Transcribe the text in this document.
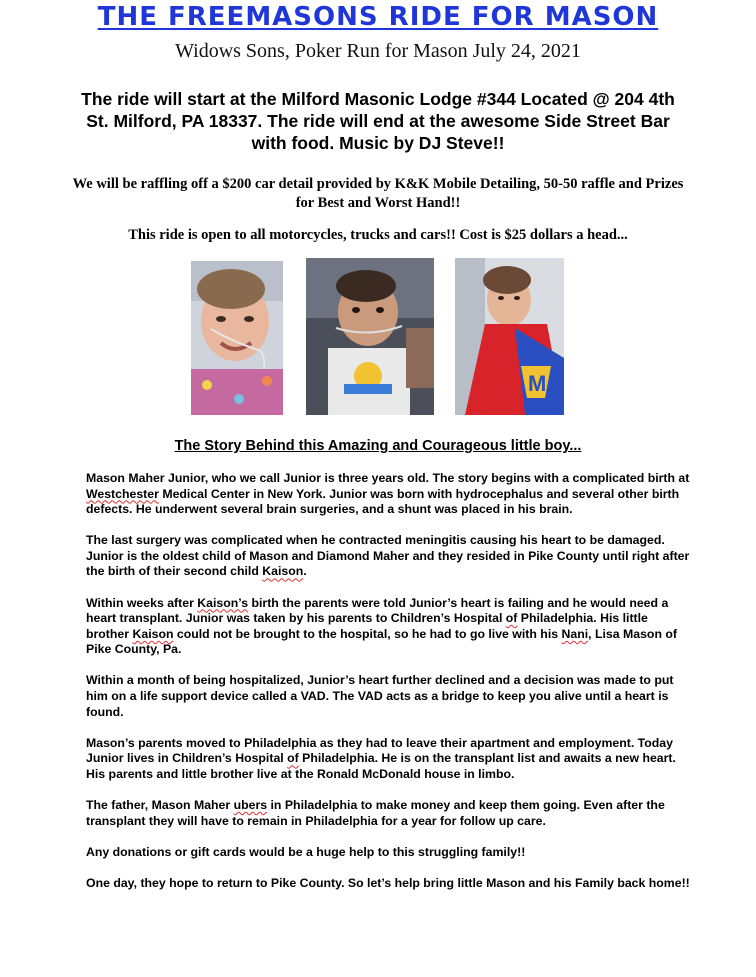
THE FREEMASONS RIDE FOR MASON
Widows Sons, Poker Run for Mason July 24, 2021
The ride will start at the Milford Masonic Lodge #344 Located @ 204 4th St. Milford, PA 18337. The ride will end at the awesome Side Street Bar with food. Music by DJ Steve!!
We will be raffling off a $200 car detail provided by K&K Mobile Detailing, 50-50 raffle and Prizes for Best and Worst Hand!!
This ride is open to all motorcycles, trucks and cars!! Cost is $25 dollars a head...
M
The Story Behind this Amazing and Courageous little boy...

Mason Maher Junior, who we call Junior is three years old. The story begins with a complicated birth at Westchester Medical Center in New York. Junior was born with hydrocephalus and several other birth defects. He underwent several brain surgeries, and a shunt was placed in his brain.

The last surgery was complicated when he contracted meningitis causing his heart to be damaged. Junior is the oldest child of Mason and Diamond Maher and they resided in Pike County until right after the birth of their second child Kaison.

Within weeks after Kaison’s birth the parents were told Junior’s heart is failing and he would need a heart transplant. Junior was taken by his parents to Children’s Hospital of Philadelphia. His little brother Kaison could not be brought to the hospital, so he had to go live with his Nani, Lisa Mason of Pike County, Pa.

Within a month of being hospitalized, Junior’s heart further declined and a decision was made to put him on a life support device called a VAD. The VAD acts as a bridge to keep you alive until a heart is found.

Mason’s parents moved to Philadelphia as they had to leave their apartment and employment. Today Junior lives in Children’s Hospital of Philadelphia. He is on the transplant list and awaits a new heart. His parents and little brother live at the Ronald McDonald house in limbo.

The father, Mason Maher ubers in Philadelphia to make money and keep them going. Even after the transplant they will have to remain in Philadelphia for a year for follow up care.

Any donations or gift cards would be a huge help to this struggling family!!

One day, they hope to return to Pike County. So let’s help bring little Mason and his Family back home!!
